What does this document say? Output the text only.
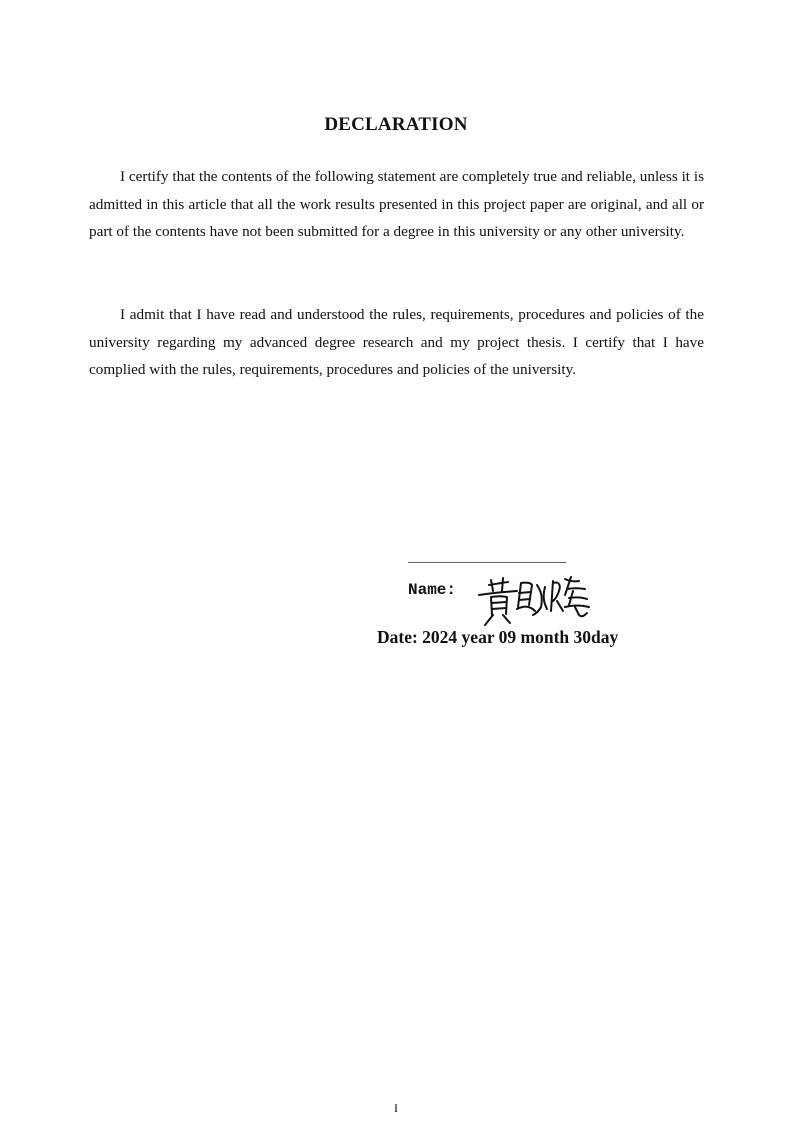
DECLARATION

I certify that the contents of the following statement are completely true and reliable, unless it is admitted in this article that all the work results presented in this project paper are original, and all or part of the contents have not been submitted for a degree in this university or any other university.

I admit that I have read and understood the rules, requirements, procedures and policies of the university regarding my advanced degree research and my project thesis. I certify that I have complied with the rules, requirements, procedures and policies of the university.

____________________
Name:
Date: 2024 year 09 month 30day

I
